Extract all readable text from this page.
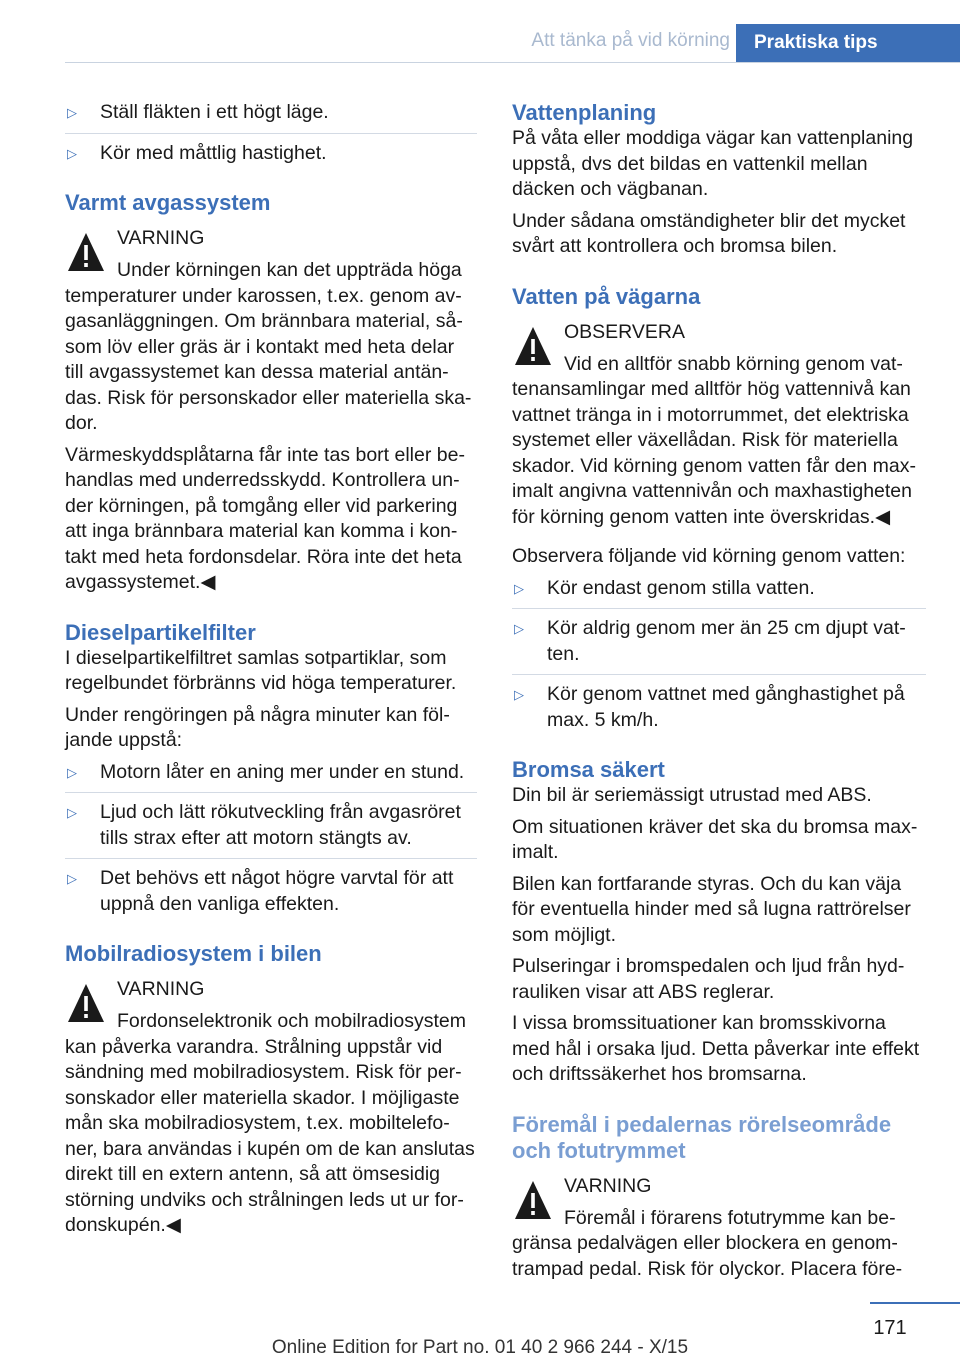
Att tänka på vid körning	Praktiska tips
▷	Ställ fläkten i ett högt läge.
▷	Kör med måttlig hastighet.
Varmt avgassystem
VARNING

Under körningen kan det uppträda höga temperaturer under karossen, t.ex. genom av-gasanläggningen. Om brännbara material, så-som löv eller gräs är i kontakt med heta delar till avgassystemet kan dessa material antän-das. Risk för personskador eller materiella ska-dor.

Värmeskyddsplåtarna får inte tas bort eller be-handlas med underredsskydd. Kontrollera un-der körningen, på tomgång eller vid parkering att inga brännbara material kan komma i kon-takt med heta fordonsdelar. Röra inte det heta avgassystemet.◀

Dieselpartikelfilter

I dieselpartikelfiltret samlas sotpartiklar, som regelbundet förbränns vid höga temperaturer.

Under rengöringen på några minuter kan föl-jande uppstå:

▷	Motorn låter en aning mer under en stund.
▷	Ljud och lätt rökutveckling från avgasröret tills strax efter att motorn stängts av.
▷	Det behövs ett något högre varvtal för att uppnå den vanliga effekten.
Mobilradiosystem i bilen
VARNING

Fordonselektronik och mobilradiosystem kan påverka varandra. Strålning uppstår vid sändning med mobilradiosystem. Risk för per-sonskador eller materiella skador. I möjligaste mån ska mobilradiosystem, t.ex. mobiltelefo-ner, bara användas i kupén om de kan anslutas direkt till en extern antenn, så att ömsesidig störning undviks och strålningen leds ut ur for-donskupén.◀

Vattenplaning

På våta eller moddiga vägar kan vattenplaning uppstå, dvs det bildas en vattenkil mellan däcken och vägbanan.

Under sådana omständigheter blir det mycket svårt att kontrollera och bromsa bilen.

Vatten på vägarna
OBSERVERA

Vid en alltför snabb körning genom vat-tenansamlingar med alltför hög vattennivå kan vattnet tränga in i motorrummet, det elektriska systemet eller växellådan. Risk för materiella skador. Vid körning genom vatten får den max-imalt angivna vattennivån och maxhastigheten för körning genom vatten inte överskridas.◀

Observera följande vid körning genom vatten:

▷	Kör endast genom stilla vatten.
▷	Kör aldrig genom mer än 25 cm djupt vat-ten.
▷	Kör genom vattnet med gånghastighet på max. 5 km/h.
Bromsa säkert

Din bil är seriemässigt utrustad med ABS.

Om situationen kräver det ska du bromsa max-imalt.

Bilen kan fortfarande styras. Och du kan väja för eventuella hinder med så lugna rattrörelser som möjligt.

Pulseringar i bromspedalen och ljud från hyd-rauliken visar att ABS reglerar.

I vissa bromssituationer kan bromsskivorna med hål i orsaka ljud. Detta påverkar inte effekt och driftssäkerhet hos bromsarna.

Föremål i pedalernas rörelseområde och fotutrymmet
VARNING

Föremål i förarens fotutrymme kan be-gränsa pedalvägen eller blockera en genom-trampad pedal. Risk för olyckor. Placera före-

171
Online Edition for Part no. 01 40 2 966 244 - X/15
